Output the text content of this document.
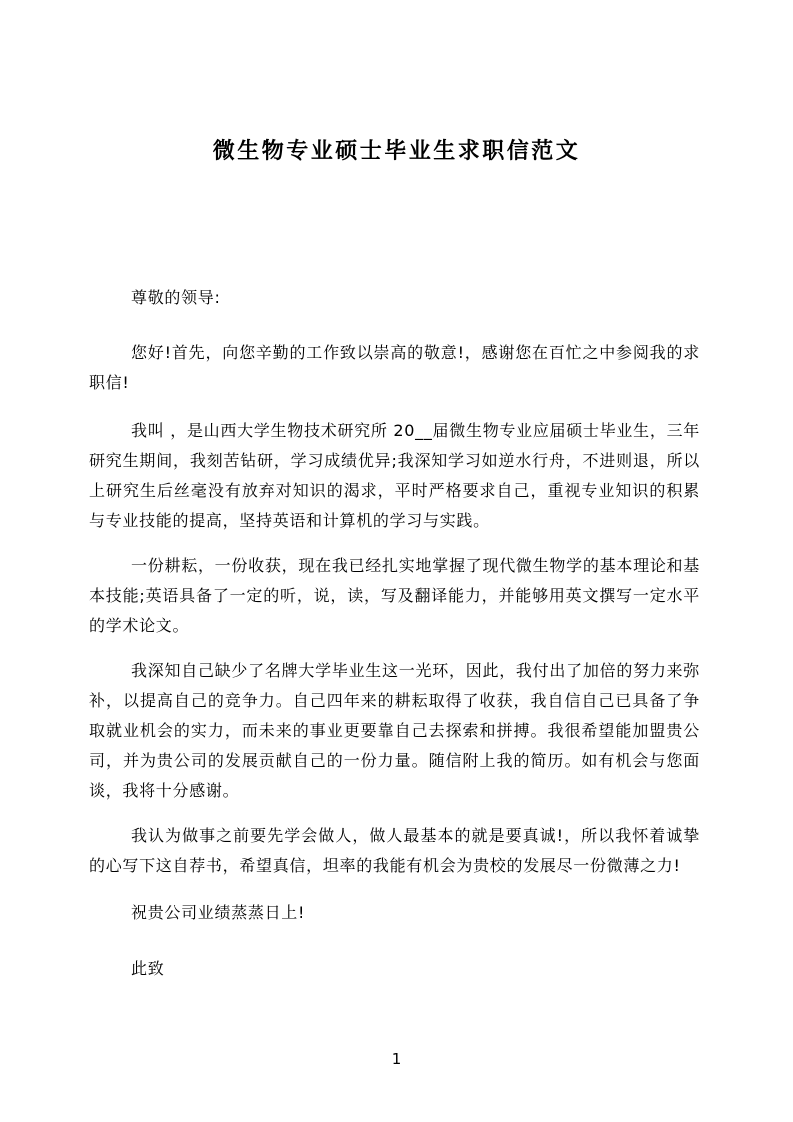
微生物专业硕士毕业生求职信范文

尊敬的领导:

您好!首先，向您辛勤的工作致以崇高的敬意!，感谢您在百忙之中参阅我的求职信!

我叫 ，是山西大学生物技术研究所 20__届微生物专业应届硕士毕业生，三年研究生期间，我刻苦钻研，学习成绩优异;我深知学习如逆水行舟，不进则退，所以上研究生后丝毫没有放弃对知识的渴求，平时严格要求自己，重视专业知识的积累与专业技能的提高，坚持英语和计算机的学习与实践。

一份耕耘，一份收获，现在我已经扎实地掌握了现代微生物学的基本理论和基本技能;英语具备了一定的听，说，读，写及翻译能力，并能够用英文撰写一定水平的学术论文。

我深知自己缺少了名牌大学毕业生这一光环，因此，我付出了加倍的努力来弥补，以提高自己的竞争力。自己四年来的耕耘取得了收获，我自信自己已具备了争取就业机会的实力，而未来的事业更要靠自己去探索和拼搏。我很希望能加盟贵公司，并为贵公司的发展贡献自己的一份力量。随信附上我的简历。如有机会与您面谈，我将十分感谢。

我认为做事之前要先学会做人，做人最基本的就是要真诚!，所以我怀着诚挚的心写下这自荐书，希望真信，坦率的我能有机会为贵校的发展尽一份微薄之力!

祝贵公司业绩蒸蒸日上!

此致

1
